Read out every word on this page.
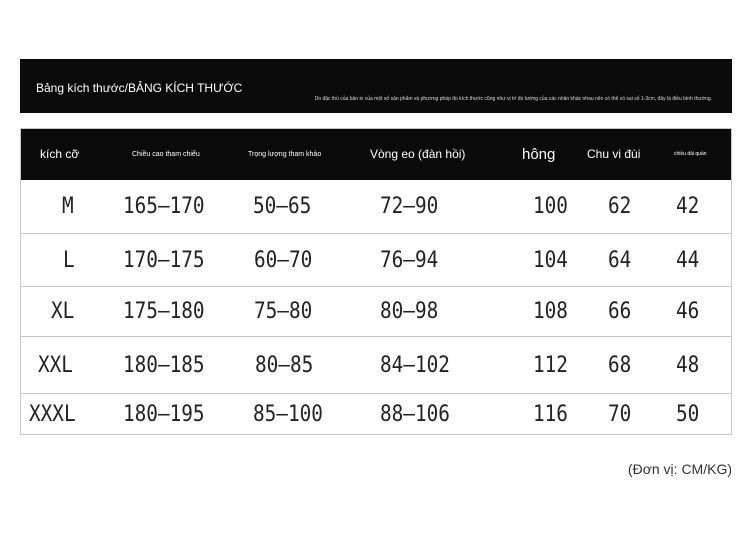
Bảng kích thước/BẢNG KÍCH THƯỚC
Do đặc thù của bản in của một số sản phẩm và phương pháp đo kích thước cũng như vị trí đo lường của các nhân khác nhau nên có thể có sai số 1-3cm, đây là điều bình thường.
kích cỡ	Chiều cao tham chiếu	Trọng lượng tham khảo	Vòng eo (đàn hồi)	hông	Chu vi đùi	chiều dài quần
M 165–170 50–65	72–90	100 62 42
L 170–175 60–70	76–94	104 64 44
XL 175–180 75–80	80–98	108 66 46
XXL 180–185 80–85	84–102	112 68 48
XXXL 180–195 85–100	88–106	116 70 50
(Đơn vị: CM/KG)
